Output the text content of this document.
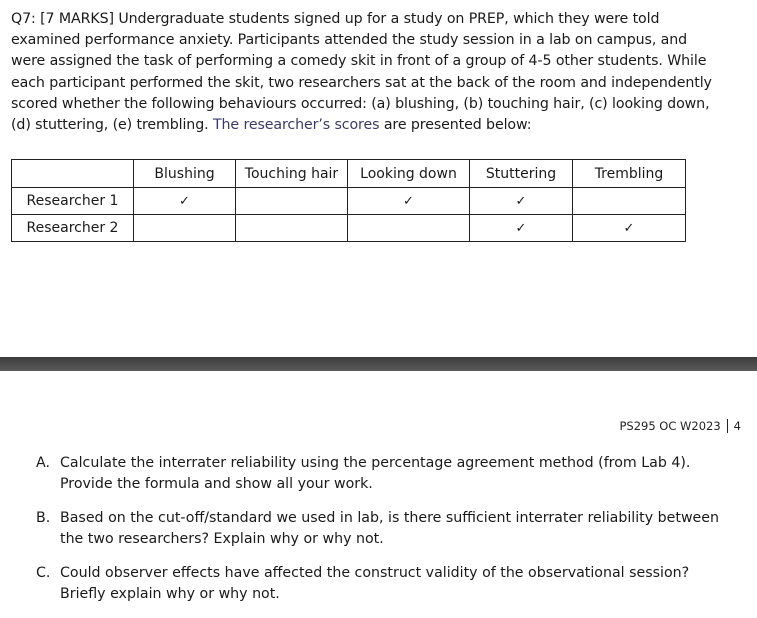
Q7: [7 MARKS] Undergraduate students signed up for a study on PREP, which they were told
examined performance anxiety. Participants attended the study session in a lab on campus, and
were assigned the task of performing a comedy skit in front of a group of 4-5 other students. While
each participant performed the skit, two researchers sat at the back of the room and independently
scored whether the following behaviours occurred: (a) blushing, (b) touching hair, (c) looking down,
(d) stuttering, (e) trembling. The researcher’s scores are presented below:
	Blushing	Touching hair	Looking down	Stuttering	Trembling
Researcher 1	✓		✓	✓	
Researcher 2				✓	✓
PS295 OC W2023 4
A. Calculate the interrater reliability using the percentage agreement method (from Lab 4).
Provide the formula and show all your work.
B. Based on the cut-off/standard we used in lab, is there sufficient interrater reliability between
the two researchers? Explain why or why not.
C. Could observer effects have affected the construct validity of the observational session?
Briefly explain why or why not.
